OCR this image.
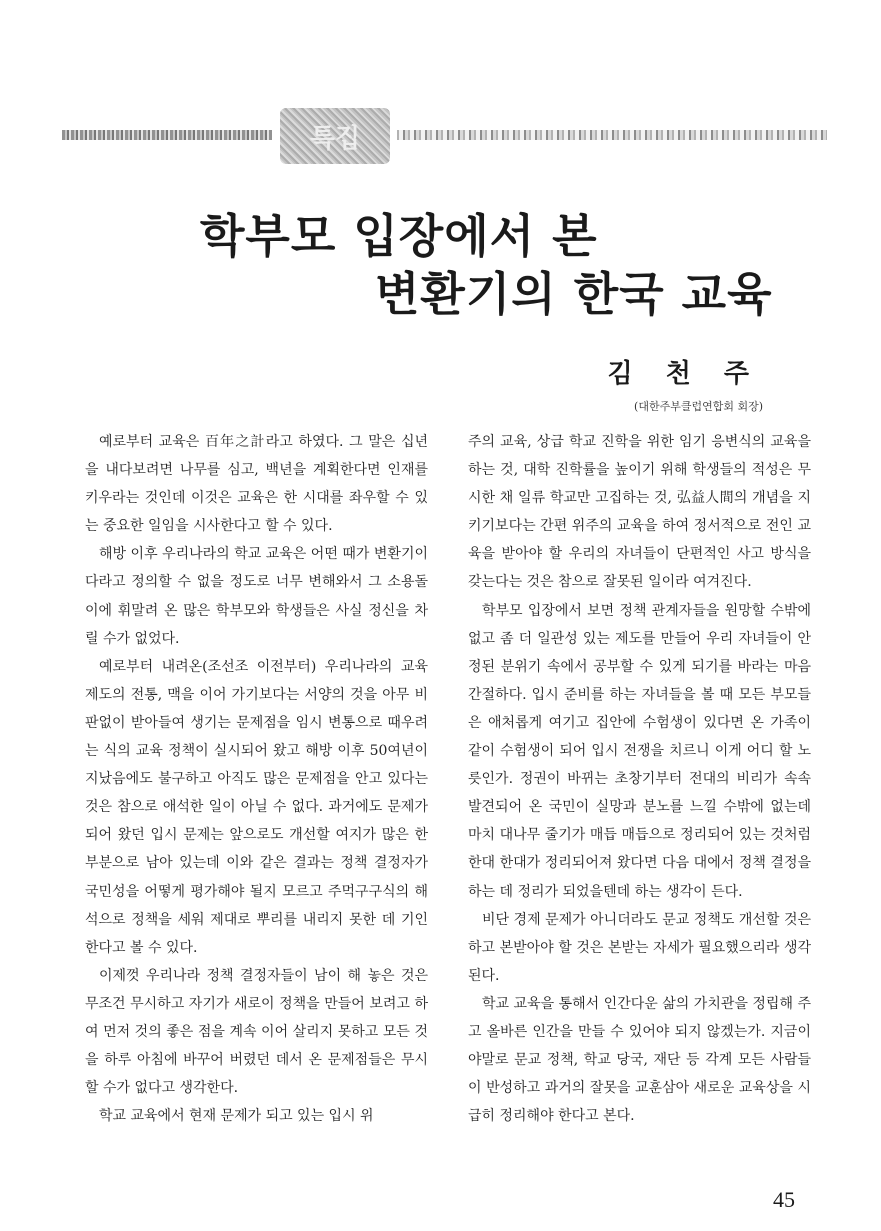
특집
학부모 입장에서 본
변환기의 한국 교육
김 천 주
(대한주부클럽연합회 회장)

예로부터 교육은 百年之計라고 하였다. 그 말은 십년을 내다보려면 나무를 심고, 백년을 계획한다면 인재를 키우라는 것인데 이것은 교육은 한 시대를 좌우할 수 있는 중요한 일임을 시사한다고 할 수 있다.

해방 이후 우리나라의 학교 교육은 어떤 때가 변환기이다라고 정의할 수 없을 정도로 너무 변해와서 그 소용돌이에 휘말려 온 많은 학부모와 학생들은 사실 정신을 차릴 수가 없었다.

예로부터 내려온(조선조 이전부터) 우리나라의 교육 제도의 전통, 맥을 이어 가기보다는 서양의 것을 아무 비판없이 받아들여 생기는 문제점을 임시 변통으로 때우려는 식의 교육 정책이 실시되어 왔고 해방 이후 50여년이 지났음에도 불구하고 아직도 많은 문제점을 안고 있다는 것은 참으로 애석한 일이 아닐 수 없다. 과거에도 문제가 되어 왔던 입시 문제는 앞으로도 개선할 여지가 많은 한 부분으로 남아 있는데 이와 같은 결과는 정책 결정자가 국민성을 어떻게 평가해야 될지 모르고 주먹구구식의 해석으로 정책을 세워 제대로 뿌리를 내리지 못한 데 기인한다고 볼 수 있다.

이제껏 우리나라 정책 결정자들이 남이 해 놓은 것은 무조건 무시하고 자기가 새로이 정책을 만들어 보려고 하여 먼저 것의 좋은 점을 계속 이어 살리지 못하고 모든 것을 하루 아침에 바꾸어 버렸던 데서 온 문제점들은 무시할 수가 없다고 생각한다.

학교 교육에서 현재 문제가 되고 있는 입시 위

주의 교육, 상급 학교 진학을 위한 임기 응변식의 교육을 하는 것, 대학 진학률을 높이기 위해 학생들의 적성은 무시한 채 일류 학교만 고집하는 것, 弘益人間의 개념을 지키기보다는 간편 위주의 교육을 하여 정서적으로 전인 교육을 받아야 할 우리의 자녀들이 단편적인 사고 방식을 갖는다는 것은 참으로 잘못된 일이라 여겨진다.

학부모 입장에서 보면 정책 관계자들을 원망할 수밖에 없고 좀 더 일관성 있는 제도를 만들어 우리 자녀들이 안정된 분위기 속에서 공부할 수 있게 되기를 바라는 마음 간절하다. 입시 준비를 하는 자녀들을 볼 때 모든 부모들은 애처롭게 여기고 집안에 수험생이 있다면 온 가족이 같이 수험생이 되어 입시 전쟁을 치르니 이게 어디 할 노릇인가. 정권이 바뀌는 초창기부터 전대의 비리가 속속 발견되어 온 국민이 실망과 분노를 느낄 수밖에 없는데 마치 대나무 줄기가 매듭 매듭으로 정리되어 있는 것처럼 한대 한대가 정리되어져 왔다면 다음 대에서 정책 결정을 하는 데 정리가 되었을텐데 하는 생각이 든다.

비단 경제 문제가 아니더라도 문교 정책도 개선할 것은 하고 본받아야 할 것은 본받는 자세가 필요했으리라 생각된다.

학교 교육을 통해서 인간다운 삶의 가치관을 정립해 주고 올바른 인간을 만들 수 있어야 되지 않겠는가. 지금이야말로 문교 정책, 학교 당국, 재단 등 각계 모든 사람들이 반성하고 과거의 잘못을 교훈삼아 새로운 교육상을 시급히 정리해야 한다고 본다.

45
